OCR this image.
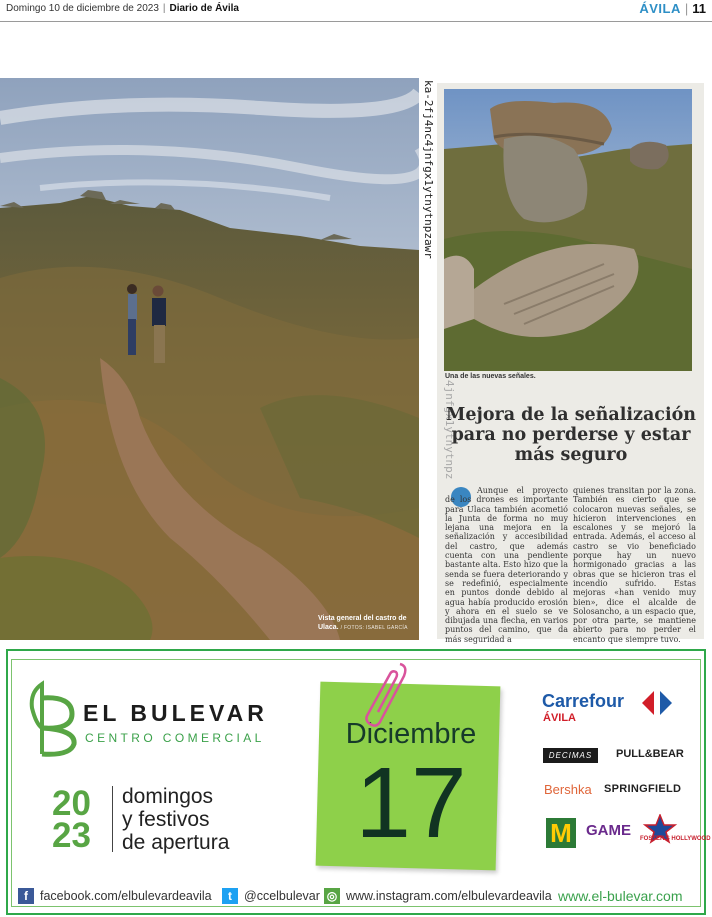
Domingo 10 de diciembre de 2023 | Diario de Ávila	ÁVILA | 11
Vista general del castro de Ulaca. / FOTOS: ISABEL GARCÍA
ka-2fj4nc4jnfgx1ytnytnpzawr
Una de las nuevas señales.
4jnfgx1ytnytnpz
Mejora de la señalización para no perderse y estar más seguro
Aunque el proyecto de los drones es importante para Ulaca también acometió la Junta de forma no muy lejana una mejora en la señalización y accesibilidad del castro, que además cuenta con una pendiente bastante alta. Esto hizo que la senda se fuera deteriorando y se redefinió, especialmente en puntos donde debido al agua había producido erosión y ahora en el suelo se ve dibujada una flecha, en varios puntos del camino, que da más seguridad a
quienes transitan por la zona. También es cierto que se colocaron nuevas señales, se hicieron intervenciones en escalones y se mejoró la entrada. Además, el acceso al castro se vio beneficiado porque hay un nuevo hormigonado gracias a las obras que se hicieron tras el incendio sufrido. Estas mejoras «han venido muy bien», dice el alcalde de Solosancho, a un espacio que, por otra parte, se mantiene abierto para no perder el encanto que siempre tuvo.
EL BULEVAR
CENTRO COMERCIAL
20
23
domingos
y festivos
de apertura
Diciembre
17
Carrefour
ÁVILA
DECIMAS	PULL&BEAR
Bershka SPRINGFIELD
M GAME FOSTER'S HOLLYWOOD
f facebook.com/elbulevardeavila	t @ccelbulevar ◎ www.instagram.com/elbulevardeavila www.el-bulevar.com
